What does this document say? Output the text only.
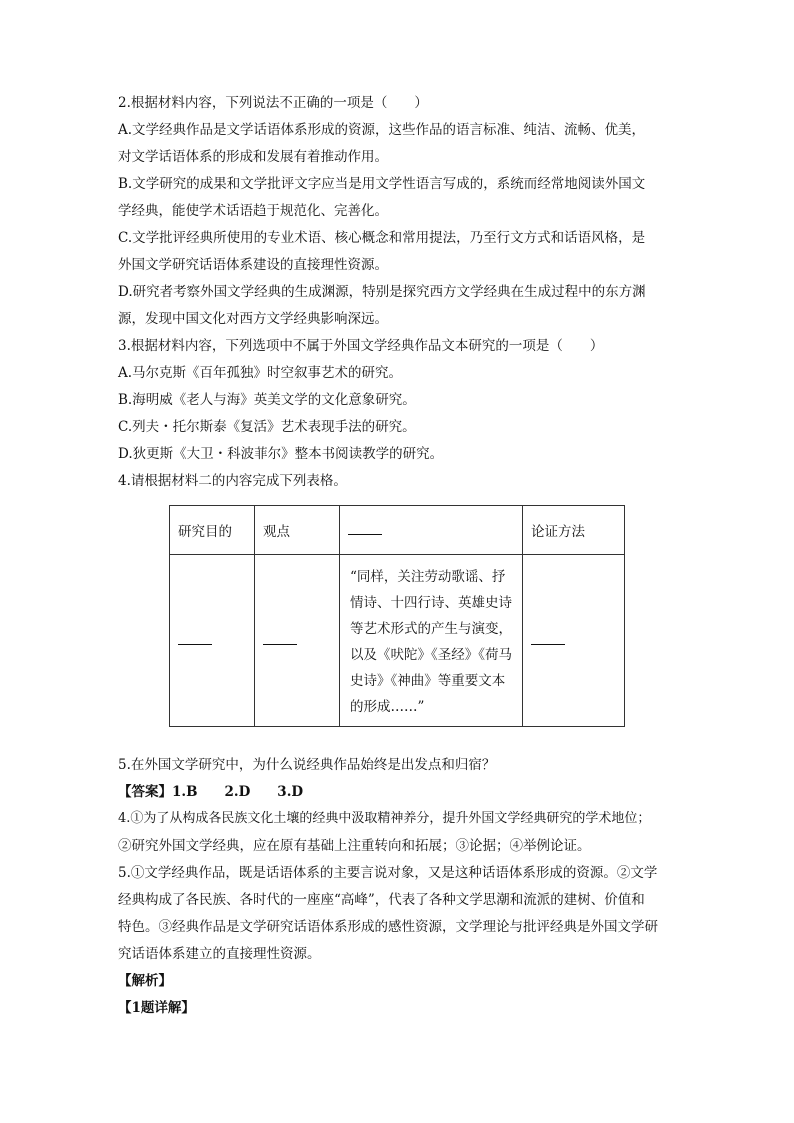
2.根据材料内容，下列说法不正确的一项是（　　）
A.文学经典作品是文学话语体系形成的资源，这些作品的语言标准、纯洁、流畅、优美，
对文学话语体系的形成和发展有着推动作用。
B.文学研究的成果和文学批评文字应当是用文学性语言写成的，系统而经常地阅读外国文
学经典，能使学术话语趋于规范化、完善化。
C.文学批评经典所使用的专业术语、核心概念和常用提法，乃至行文方式和话语风格，是
外国文学研究话语体系建设的直接理性资源。
D.研究者考察外国文学经典的生成渊源，特别是探究西方文学经典在生成过程中的东方渊
源，发现中国文化对西方文学经典影响深远。
3.根据材料内容，下列选项中不属于外国文学经典作品文本研究的一项是（　　）
A.马尔克斯《百年孤独》时空叙事艺术的研究。
B.海明威《老人与海》英美文学的文化意象研究。
C.列夫・托尔斯泰《复活》艺术表现手法的研究。
D.狄更斯《大卫・科波菲尔》整本书阅读教学的研究。
4.请根据材料二的内容完成下列表格。
研究目的	观点		论证方法
		“同样，关注劳动歌谣、抒情诗、十四行诗、英雄史诗等艺术形式的产生与演变，以及《吠陀》《圣经》《荷马史诗》《神曲》等重要文本的形成……”	
5.在外国文学研究中，为什么说经典作品始终是出发点和归宿？
【答案】1.B　　2.D　　3.D
4.①为了从构成各民族文化土壤的经典中汲取精神养分，提升外国文学经典研究的学术地位；
②研究外国文学经典，应在原有基础上注重转向和拓展；③论据；④举例论证。
5.①文学经典作品，既是话语体系的主要言说对象，又是这种话语体系形成的资源。②文学
经典构成了各民族、各时代的一座座“高峰”，代表了各种文学思潮和流派的建树、价值和
特色。③经典作品是文学研究话语体系形成的感性资源，文学理论与批评经典是外国文学研
究话语体系建立的直接理性资源。
【解析】
【1题详解】
